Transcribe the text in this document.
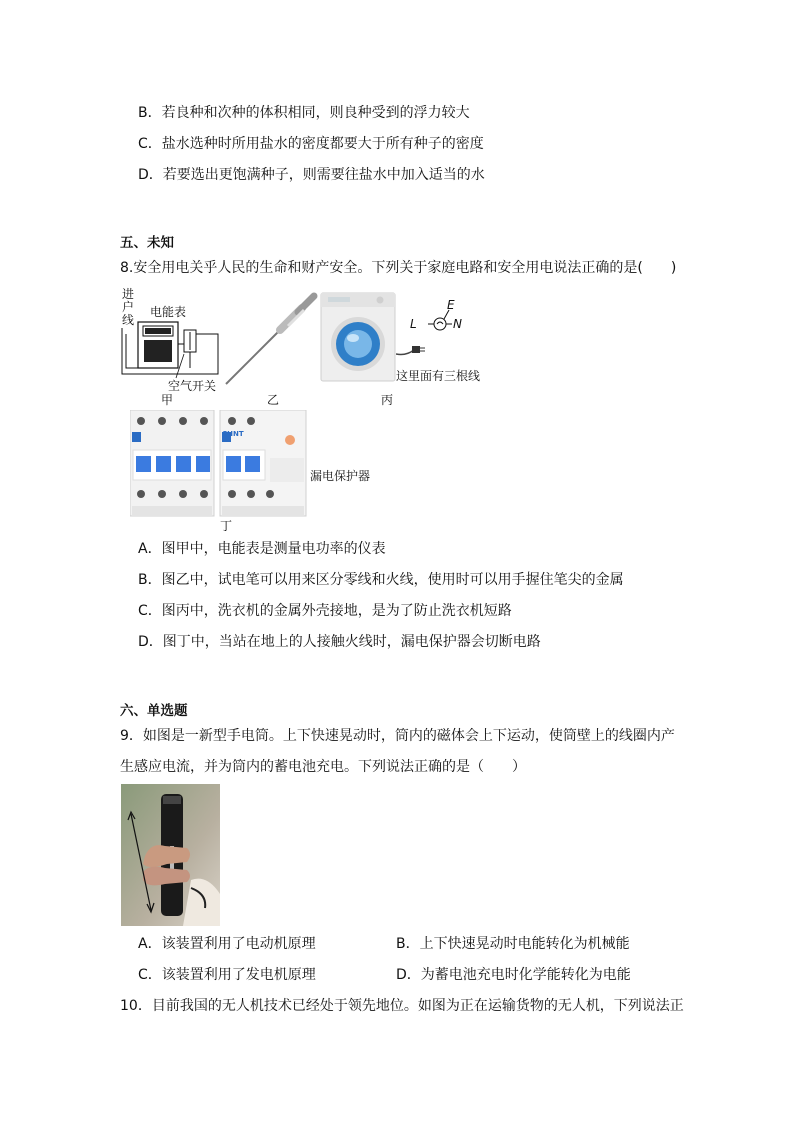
B．若良种和次种的体积相同，则良种受到的浮力较大
C．盐水选种时所用盐水的密度都要大于所有种子的密度
D．若要选出更饱满种子，则需要往盐水中加入适当的水
五、未知
8.安全用电关乎人民的生命和财产安全。下列关于家庭电路和安全用电说法正确的是(　　)
进
户
线
电能表
空气开关
甲	乙
L
E
N
这里面有三根线
丙
CHNT
漏电保护器
丁
A．图甲中，电能表是测量电功率的仪表
B．图乙中，试电笔可以用来区分零线和火线，使用时可以用手握住笔尖的金属
C．图丙中，洗衣机的金属外壳接地，是为了防止洗衣机短路
D．图丁中，当站在地上的人接触火线时，漏电保护器会切断电路
六、单选题
9．如图是一新型手电筒。上下快速晃动时，筒内的磁体会上下运动，使筒壁上的线圈内产
生感应电流，并为筒内的蓄电池充电。下列说法正确的是（　　）
A．该装置利用了电动机原理	B．上下快速晃动时电能转化为机械能
C．该装置利用了发电机原理	D．为蓄电池充电时化学能转化为电能
10．目前我国的无人机技术已经处于领先地位。如图为正在运输货物的无人机，下列说法正
